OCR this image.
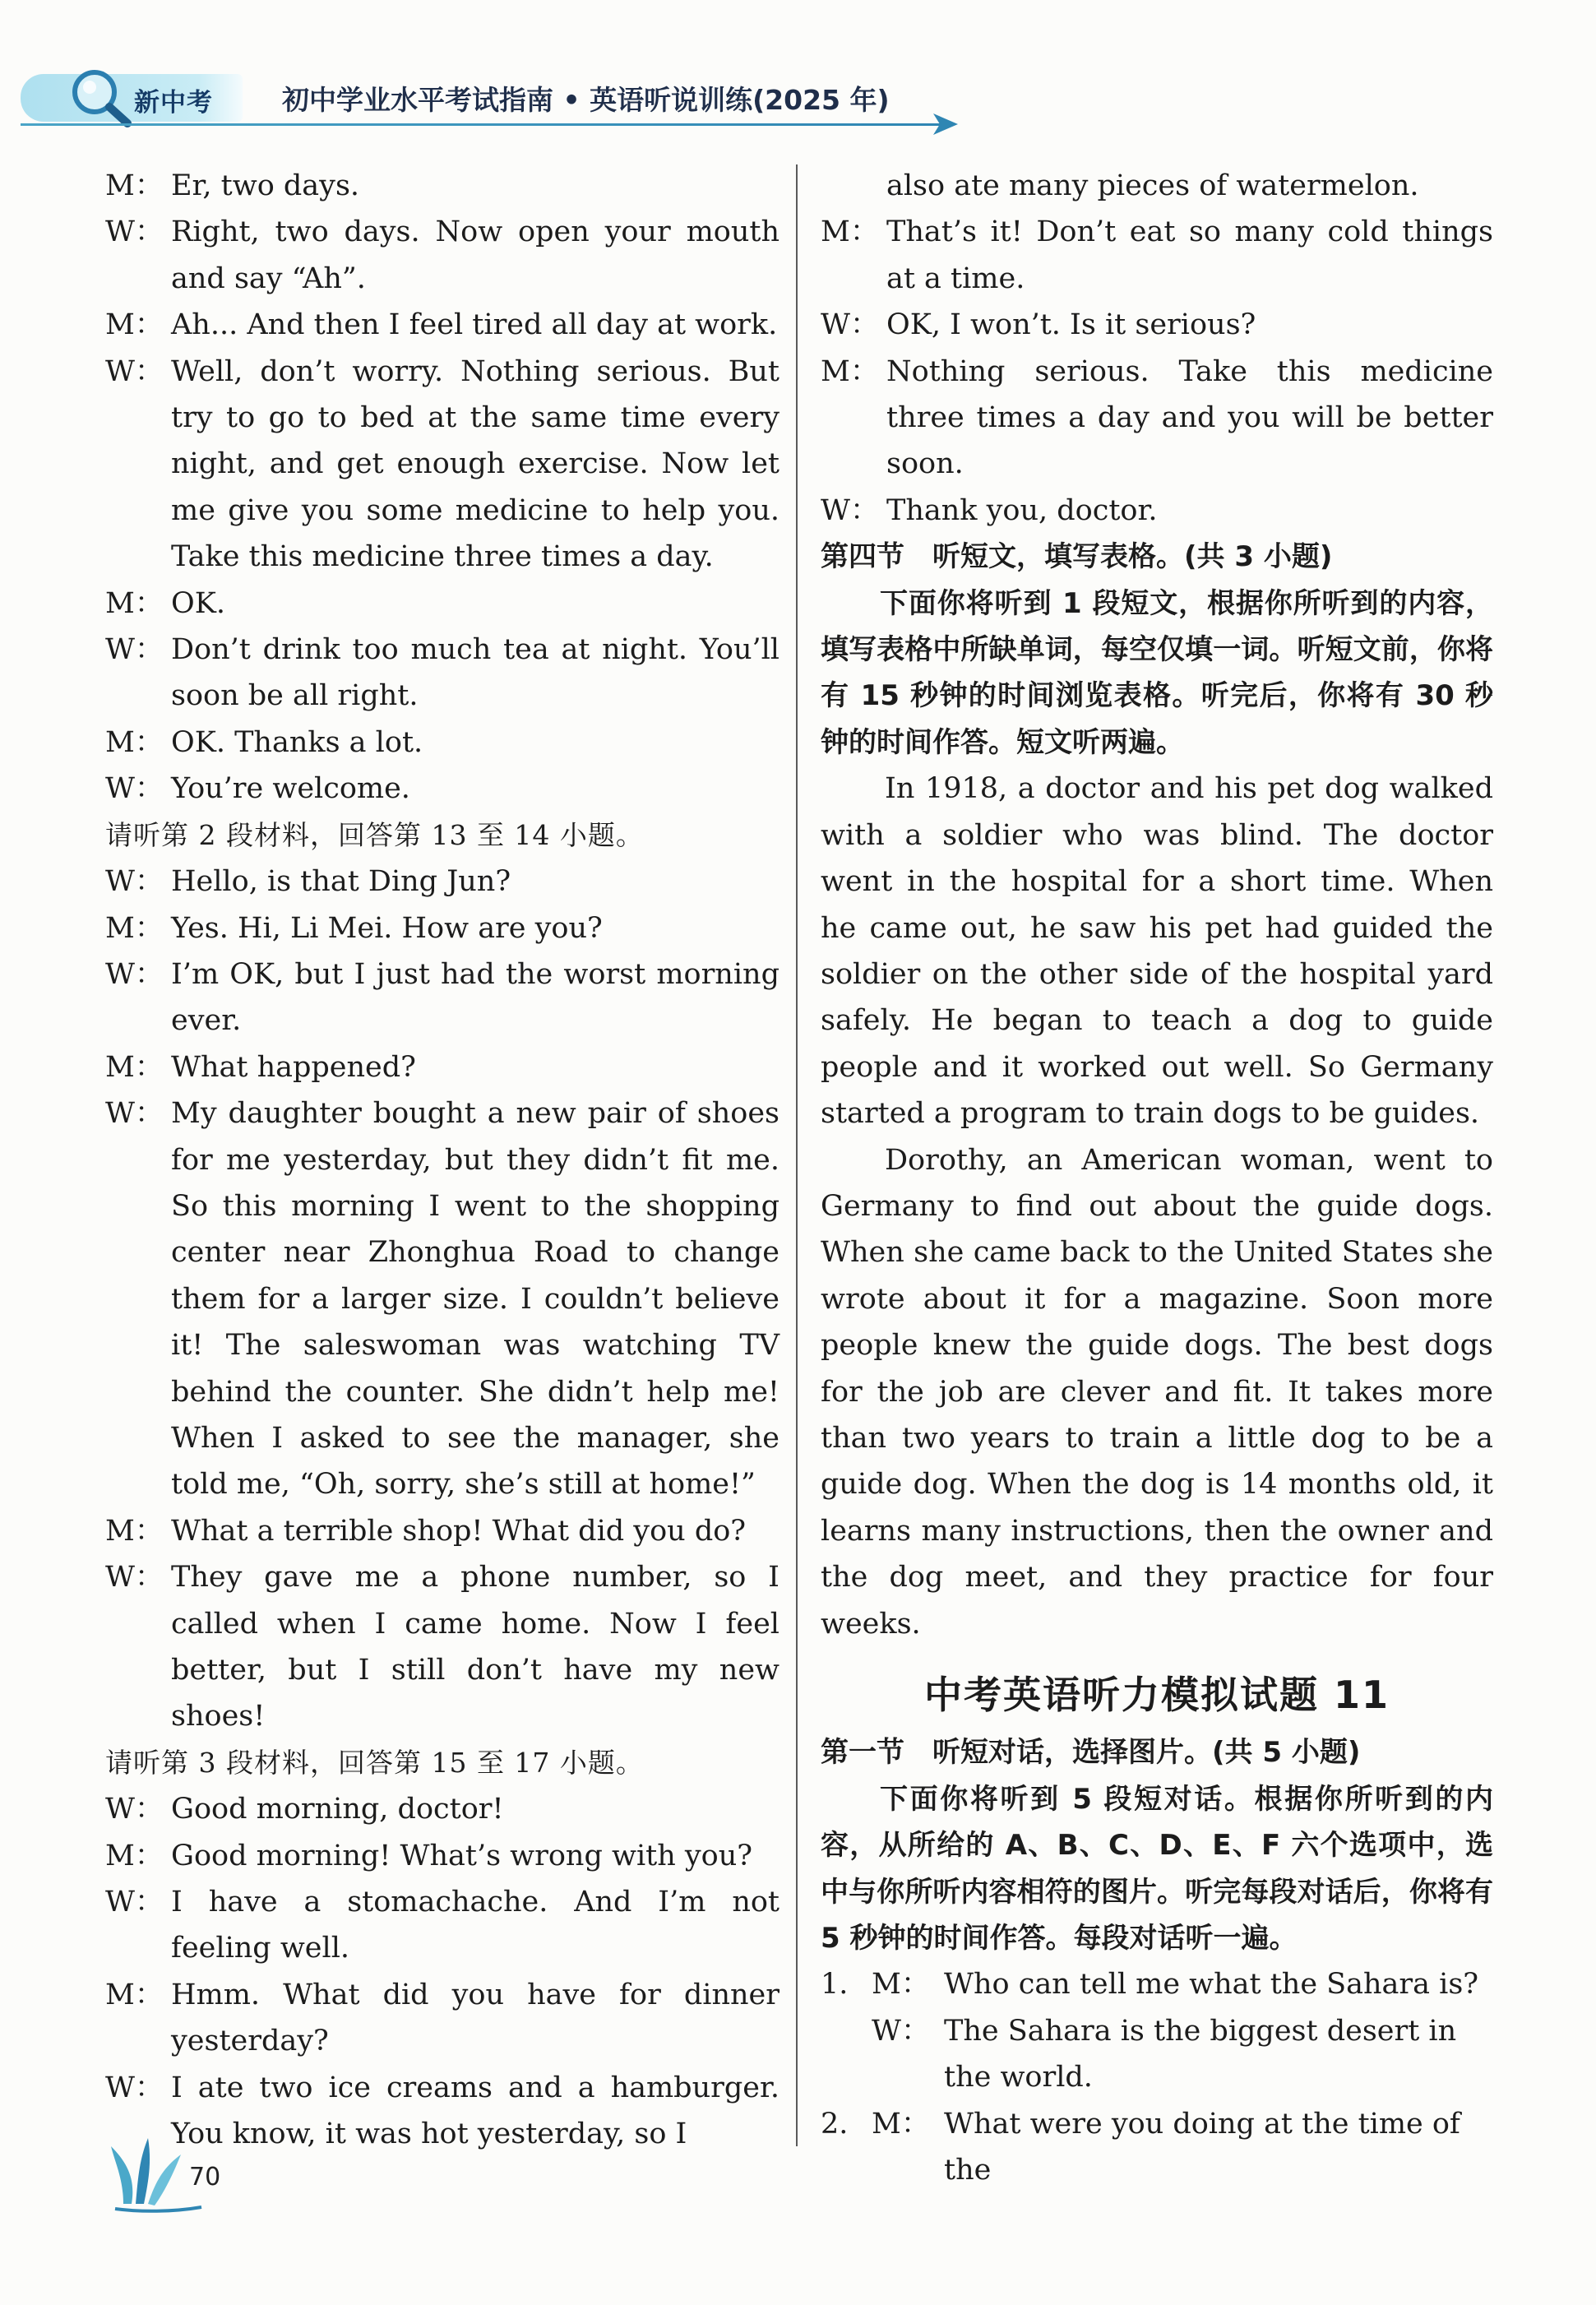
新中考	初中学业水平考试指南 • 英语听说训练(2025 年)
M： Er, two days.
W： Right, two days. Now open your mouth and say “Ah”.
M： Ah... And then I feel tired all day at work.
W： Well, don’t worry. Nothing serious. But try to go to bed at the same time every night, and get enough exercise. Now let me give you some medicine to help you. Take this medicine three times a day.
M： OK.
W： Don’t drink too much tea at night. You’ll soon be all right.
M： OK. Thanks a lot.
W： You’re welcome.
请听第 2 段材料，回答第 13 至 14 小题。
W： Hello, is that Ding Jun?
M： Yes. Hi, Li Mei. How are you?
W： I’m OK, but I just had the worst morning ever.
M： What happened?
W： My daughter bought a new pair of shoes for me yesterday, but they didn’t fit me. So this morning I went to the shopping center near Zhonghua Road to change them for a larger size. I couldn’t believe it! The saleswoman was watching TV behind the counter. She didn’t help me! When I asked to see the manager, she told me, “Oh, sorry, she’s still at home!”
M： What a terrible shop! What did you do?
W： They gave me a phone number, so I called when I came home. Now I feel better, but I still don’t have my new shoes!
请听第 3 段材料，回答第 15 至 17 小题。
W： Good morning, doctor!
M： Good morning! What’s wrong with you?
W： I have a stomachache. And I’m not feeling well.
M： Hmm. What did you have for dinner yesterday?
W： I ate two ice creams and a hamburger. You know, it was hot yesterday, so I
also ate many pieces of watermelon.
M： That’s it! Don’t eat so many cold things at a time.
W： OK, I won’t. Is it serious?
M： Nothing serious. Take this medicine three times a day and you will be better soon.
W： Thank you, doctor.
第四节　听短文，填写表格。(共 3 小题)
下面你将听到 1 段短文，根据你所听到的内容，填写表格中所缺单词，每空仅填一词。听短文前，你将有 15 秒钟的时间浏览表格。听完后，你将有 30 秒钟的时间作答。短文听两遍。
In 1918, a doctor and his pet dog walked with a soldier who was blind. The doctor went in the hospital for a short time. When he came out, he saw his pet had guided the soldier on the other side of the hospital yard safely. He began to teach a dog to guide people and it worked out well. So Germany started a program to train dogs to be guides.
Dorothy, an American woman, went to Germany to find out about the guide dogs. When she came back to the United States she wrote about it for a magazine. Soon more people knew the guide dogs. The best dogs for the job are clever and fit. It takes more than two years to train a little dog to be a guide dog. When the dog is 14 months old, it learns many instructions, then the owner and the dog meet, and they practice for four weeks.
中考英语听力模拟试题 11
第一节　听短对话，选择图片。(共 5 小题)
下面你将听到 5 段短对话。根据你所听到的内容，从所给的 A、B、C、D、E、F 六个选项中，选中与你所听内容相符的图片。听完每段对话后，你将有 5 秒钟的时间作答。每段对话听一遍。
1. M： Who can tell me what the Sahara is?
W： The Sahara is the biggest desert in the world.
2. M： What were you doing at the time of the
70
